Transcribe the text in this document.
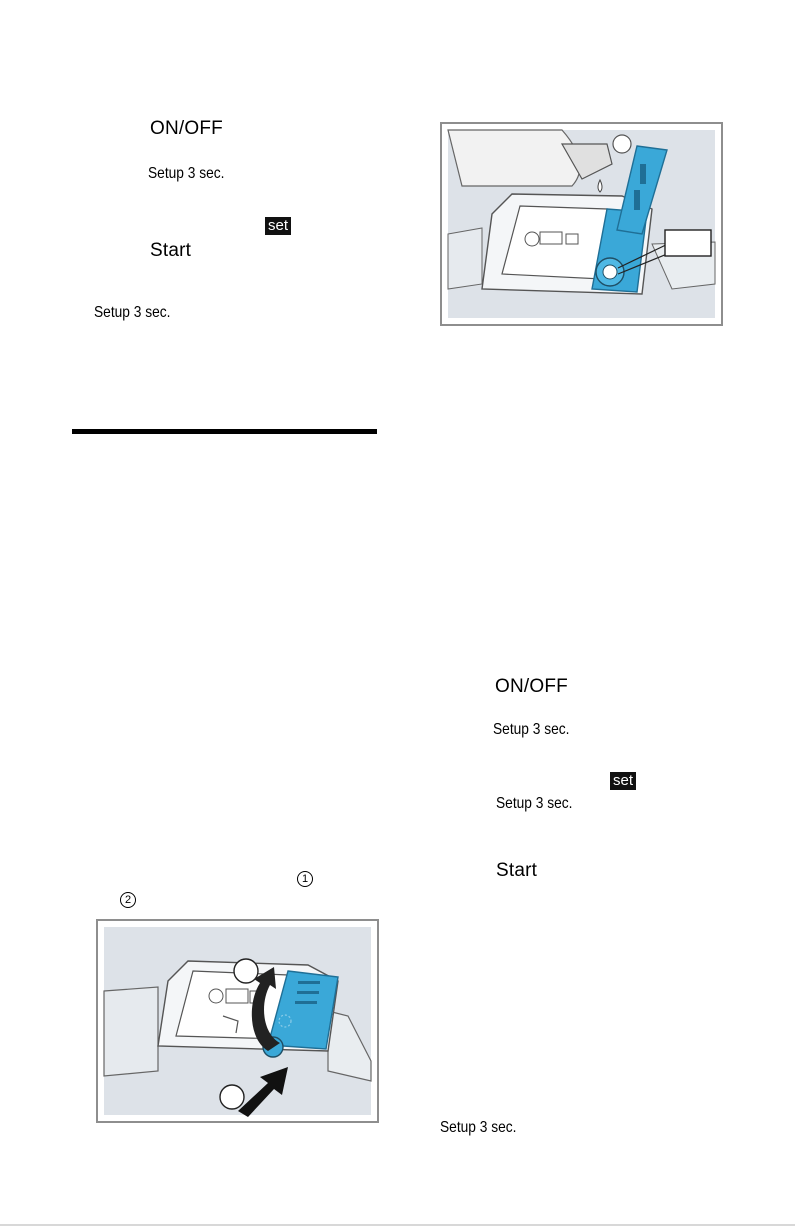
ON/OFF
Setup 3 sec.
set
Start
Setup 3 sec.
1
2
ON/OFF
Setup 3 sec.
set
Setup 3 sec.
Start
Setup 3 sec.
